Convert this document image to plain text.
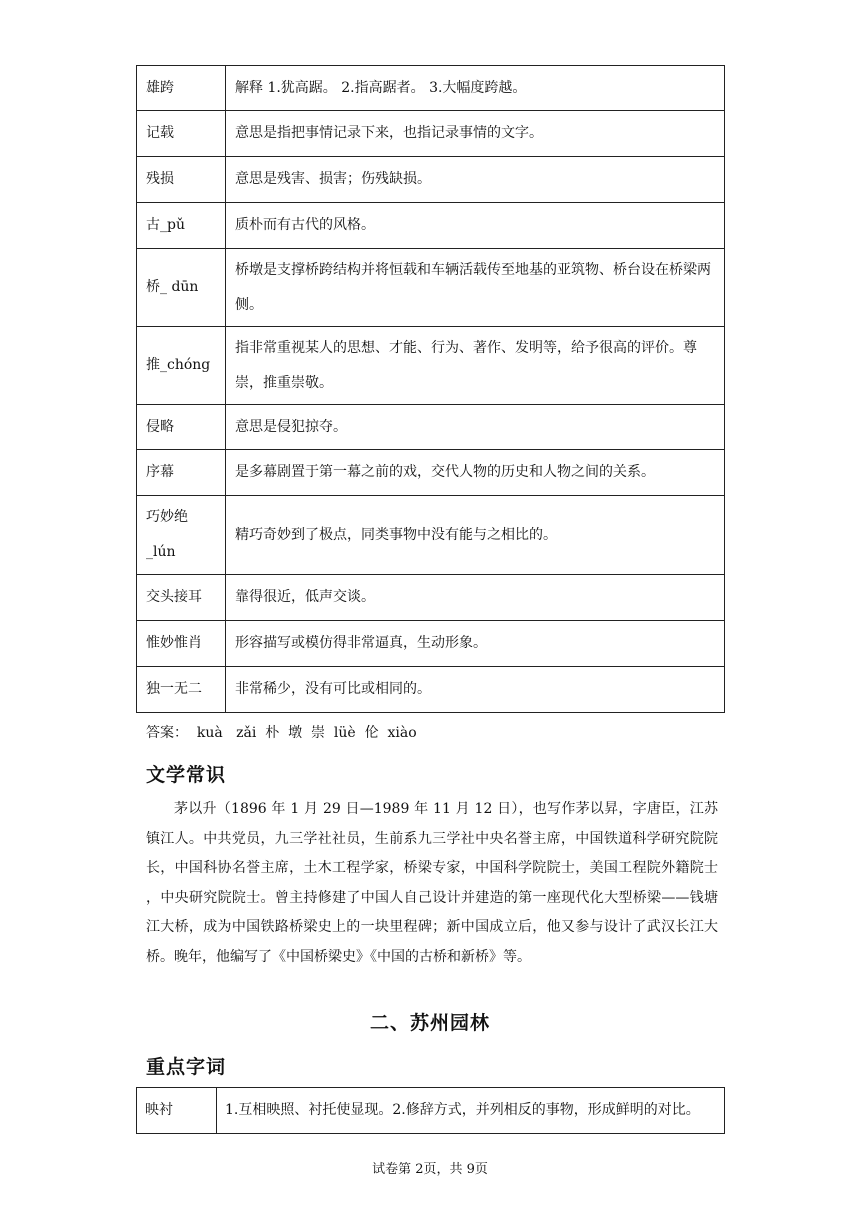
雄跨	解释 1.犹高踞。 2.指高踞者。 3.大幅度跨越。
记载	意思是指把事情记录下来，也指记录事情的文字。
残损	意思是残害、损害；伤残缺损。
古_pǔ	质朴而有古代的风格。
桥_ dūn	桥墩是支撑桥跨结构并将恒载和车辆活载传至地基的亚筑物、桥台设在桥梁两侧。
推_chóng	指非常重视某人的思想、才能、行为、著作、发明等，给予很高的评价。尊崇，推重崇敬。
侵略	意思是侵犯掠夺。
序幕	是多幕剧置于第一幕之前的戏，交代人物的历史和人物之间的关系。
巧妙绝_lún	精巧奇妙到了极点，同类事物中没有能与之相比的。
交头接耳	靠得很近，低声交谈。
惟妙惟肖	形容描写或模仿得非常逼真，生动形象。
独一无二	非常稀少，没有可比或相同的。
答案： kuà   zǎi  朴  墩  崇  lüè  伦  xiào
文学常识
茅以升（1896 年 1 月 29 日—1989 年 11 月 12 日），也写作茅以昇，字唐臣，江苏镇江人。中共党员，九三学社社员，生前系九三学社中央名誉主席，中国铁道科学研究院院长，中国科协名誉主席，土木工程学家，桥梁专家，中国科学院院士，美国工程院外籍院士 ，中央研究院院士。曾主持修建了中国人自己设计并建造的第一座现代化大型桥梁——钱塘江大桥，成为中国铁路桥梁史上的一块里程碑；新中国成立后，他又参与设计了武汉长江大桥。晚年，他编写了《中国桥梁史》《中国的古桥和新桥》等。
二、苏州园林
重点字词
映衬	1.互相映照、衬托使显现。2.修辞方式，并列相反的事物，形成鲜明的对比。
试卷第 2页，共 9页
